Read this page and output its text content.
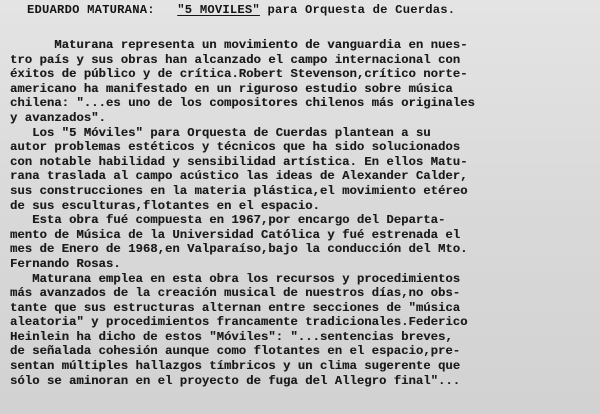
EDUARDO MATURANA: "5 MOVILES" para Orquesta de Cuerdas.
Maturana representa un movimiento de vanguardia en nues-
tro país y sus obras han alcanzado el campo internacional con
éxitos de público y de crítica.Robert Stevenson,crítico norte-
americano ha manifestado en un riguroso estudio sobre música
chilena: "...es uno de los compositores chilenos más originales
y avanzados".
Los "5 Móviles" para Orquesta de Cuerdas plantean a su
autor problemas estéticos y técnicos que ha sido solucionados
con notable habilidad y sensibilidad artística. En ellos Matu-
rana traslada al campo acústico las ideas de Alexander Calder,
sus construcciones en la materia plástica,el movimiento etéreo
de sus esculturas,flotantes en el espacio.
Esta obra fué compuesta en 1967,por encargo del Departa-
mento de Música de la Universidad Católica y fué estrenada el
mes de Enero de 1968,en Valparaíso,bajo la conducción del Mto.
Fernando Rosas.
Maturana emplea en esta obra los recursos y procedimientos
más avanzados de la creación musical de nuestros días,no obs-
tante que sus estructuras alternan entre secciones de "música
aleatoria" y procedimientos francamente tradicionales.Federico
Heinlein ha dicho de estos "Móviles": "...sentencias breves,
de señalada cohesión aunque como flotantes en el espacio,pre-
sentan múltiples hallazgos tímbricos y un clima sugerente que
sólo se aminoran en el proyecto de fuga del Allegro final"...
